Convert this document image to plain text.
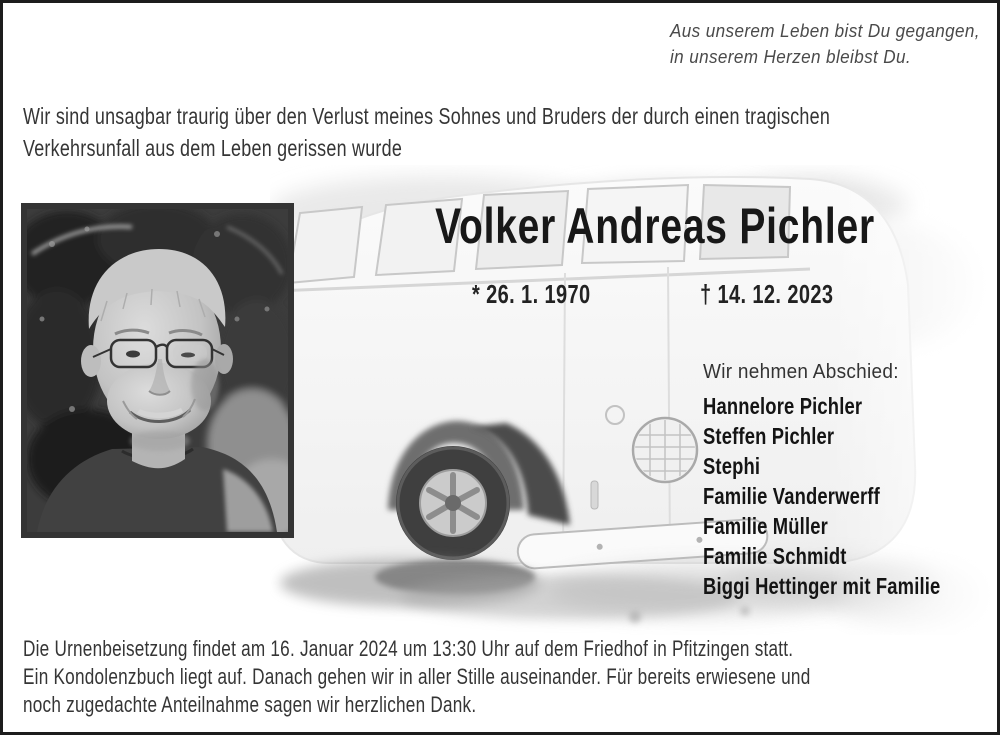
Aus unserem Leben bist Du gegangen,
in unserem Herzen bleibst Du.
Wir sind unsagbar traurig über den Verlust meines Sohnes und Bruders der durch einen tragischen
Verkehrsunfall aus dem Leben gerissen wurde
Volker Andreas Pichler
* 26. 1. 1970	† 14. 12. 2023
Wir nehmen Abschied:
Hannelore Pichler
Steffen Pichler
Stephi
Familie Vanderwerff
Familie Müller
Familie Schmidt
Biggi Hettinger mit Familie
Die Urnenbeisetzung findet am 16. Januar 2024 um 13:30 Uhr auf dem Friedhof in Pfitzingen statt.
Ein Kondolenzbuch liegt auf. Danach gehen wir in aller Stille auseinander. Für bereits erwiesene und
noch zugedachte Anteilnahme sagen wir herzlichen Dank.
